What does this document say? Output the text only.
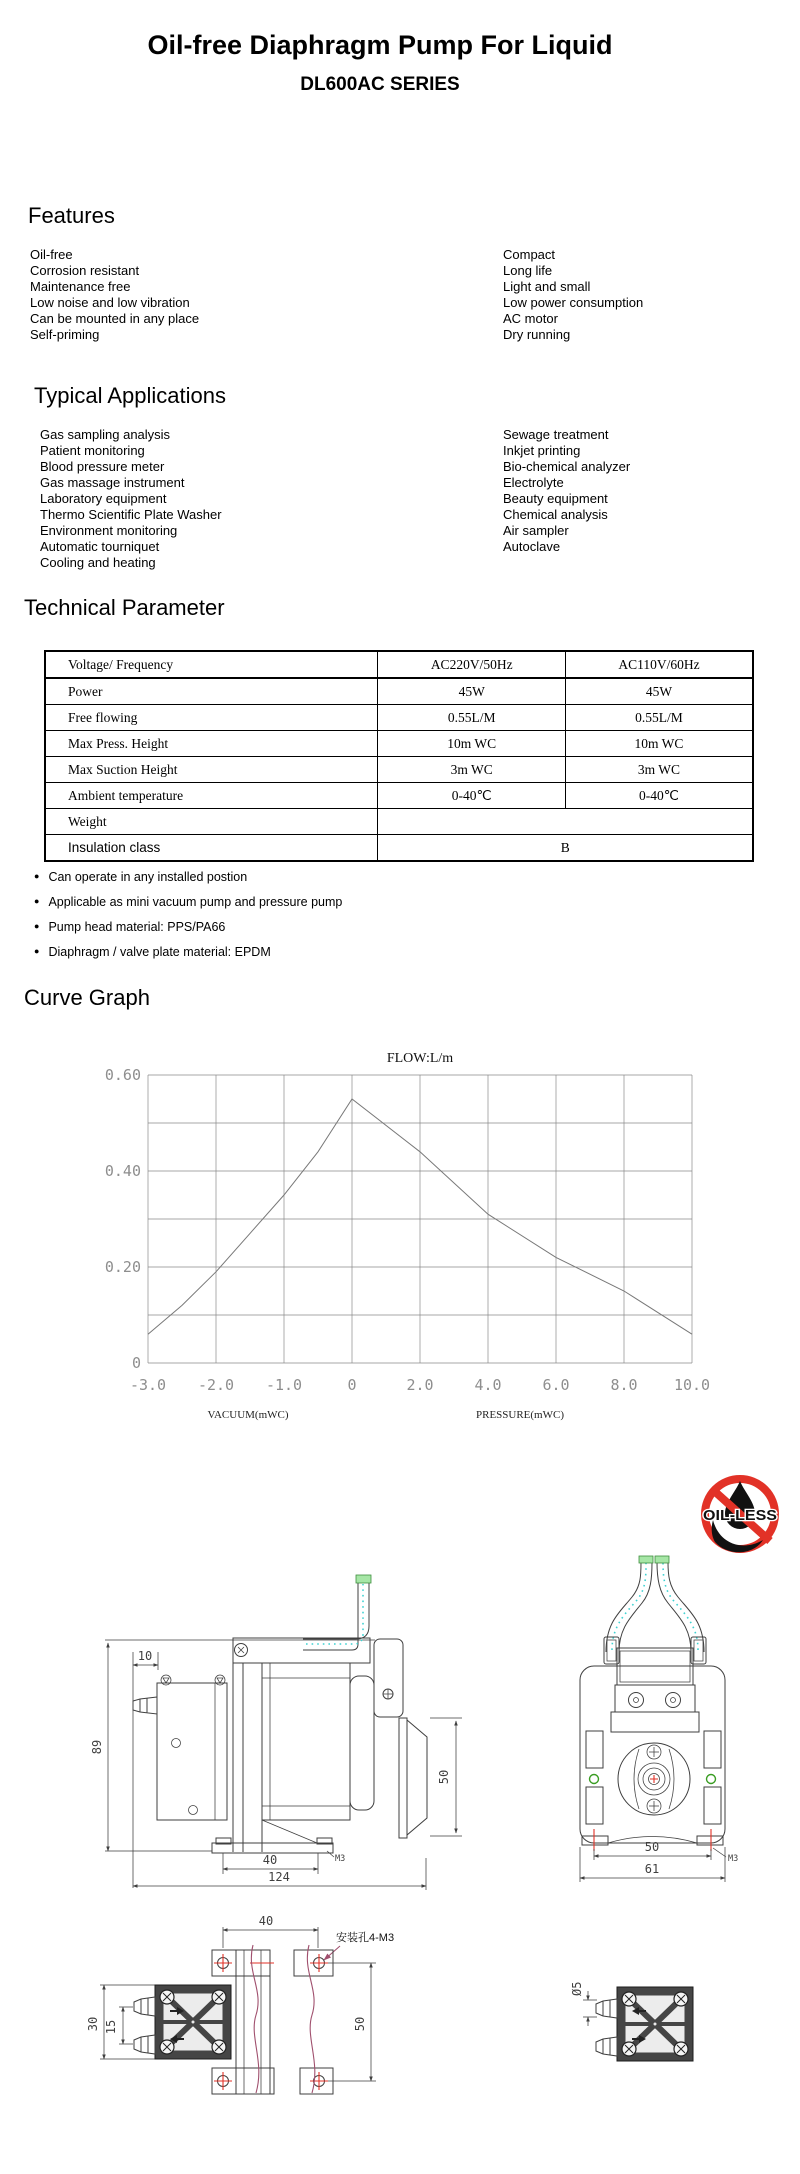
Oil-free Diaphragm Pump For Liquid
DL600AC SERIES
Features
Oil-free
Corrosion resistant
Maintenance free
Low noise and low vibration
Can be mounted in any place
Self-priming
Compact
Long life
Light and small
Low power consumption
AC motor
Dry running
Typical Applications
Gas sampling analysis
Patient monitoring
Blood pressure meter
Gas massage instrument
Laboratory equipment
Thermo Scientific Plate Washer
Environment monitoring
Automatic tourniquet
Cooling and heating
Sewage treatment
Inkjet printing
Bio-chemical analyzer
Electrolyte
Beauty equipment
Chemical analysis
Air sampler
Autoclave
Technical Parameter
Voltage/ Frequency	AC220V/50Hz	AC110V/60Hz
Power	45W	45W
Free flowing	0.55L/M	0.55L/M
Max Press. Height	10m WC	10m WC
Max Suction Height	3m WC	3m WC
Ambient temperature	0-40℃	0-40℃
Weight		
Insulation class	B	
● Can operate in any installed postion
● Applicable as mini vacuum pump and pressure pump
● Pump head material: PPS/PA66
● Diaphragm / valve plate material: EPDM
Curve Graph
FLOW:L/m
0
0.20
0.40
0.60
-3.0 -2.0 -1.0	0	2.0	4.0	6.0	8.0 10.0
VACUUM(mWC)	PRESSURE(mWC)
OIL-LESS
89
10
40
124
50
M3
50
61
M3
40
30 15	50
安装孔4-M3
Ø5
